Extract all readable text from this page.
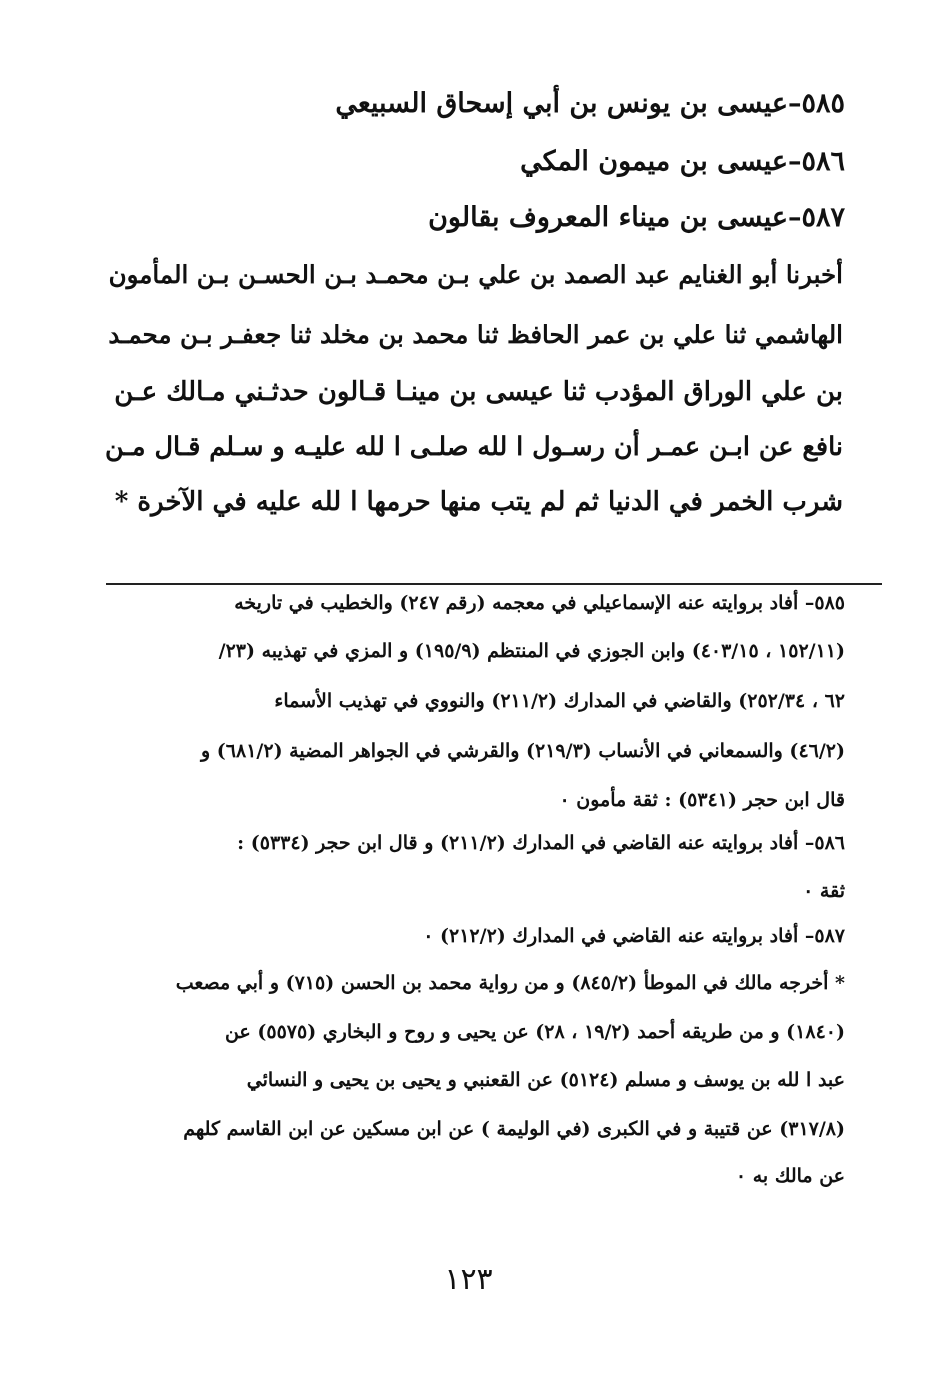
٥٨٥–عيسى بن يونس بن أبي إسحاق السبيعي

٥٨٦–عيسى بن ميمون المكي

٥٨٧–عيسى بن ميناء المعروف بقالون

أخبرنا أبو الغنايم عبد الصمد بن علي بـن محمـد بـن الحسـن بـن المأمون

الهاشمي ثنا علي بن عمر الحافظ ثنا محمد بن مخلد ثنا جعفـر بـن محمـد

بن علي الوراق المؤدب ثنا عيسى بن مينـا قـالون حدثـني مـالك عـن

نافع عن ابـن عمـر أن رسـول ا لله صلـى ا لله عليـه و سـلم قـال مـن

شرب الخمر في الدنيا ثم لم يتب منها حرمها ا لله عليه في الآخرة *

٥٨٥– أفاد بروايته عنه الإسماعيلي في معجمه (رقم ٢٤٧) والخطيب في تاريخه

(١٥٢/١١ ، ٤٠٣/١٥) وابن الجوزي في المنتظم (١٩٥/٩) و المزي في تهذيبه (٢٣/

٦٢ ، ٢٥٢/٣٤) والقاضي في المدارك (٢١١/٢) والنووي في تهذيب الأسماء

(٤٦/٢) والسمعاني في الأنساب (٢١٩/٣) والقرشي في الجواهر المضية (٦٨١/٢) و

قال ابن حجر (٥٣٤١) : ثقة مأمون ٠

٥٨٦– أفاد بروايته عنه القاضي في المدارك (٢١١/٢) و قال ابن حجر (٥٣٣٤) :

ثقة ٠

٥٨٧– أفاد بروايته عنه القاضي في المدارك (٢١٢/٢) ٠

* أخرجه مالك في الموطأ (٨٤٥/٢) و من رواية محمد بن الحسن (٧١٥) و أبي مصعب

(١٨٤٠) و من طريقه أحمد (١٩/٢ ، ٢٨) عن يحيى و روح و البخاري (٥٥٧٥) عن

عبد ا لله بن يوسف و مسلم (٥١٢٤) عن القعنبي و يحيى بن يحيى و النسائي

(٣١٧/٨) عن قتيبة و في الكبرى (في الوليمة ) عن ابن مسكين عن ابن القاسم كلهم

عن مالك به ٠

١٢٣
